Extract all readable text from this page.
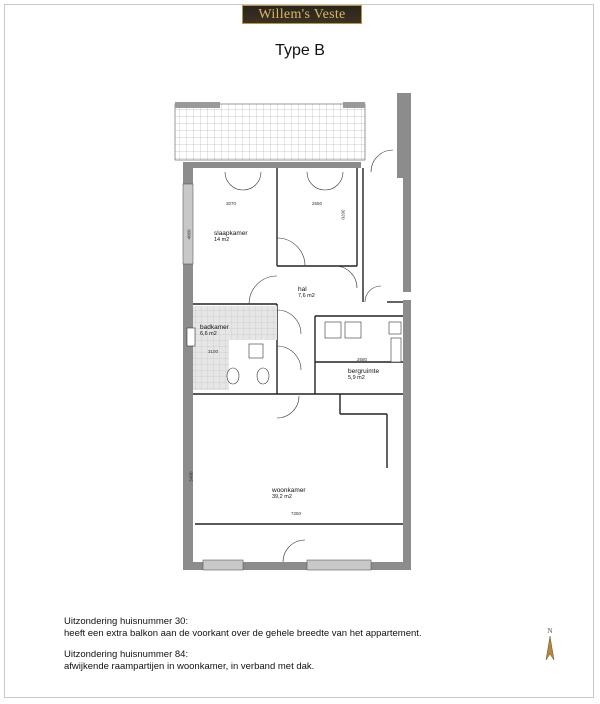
Willem's Veste
Type B
slaapkamer
14 m2
hal
7,6 m2
badkamer
6,6 m2
bergruimte
5,9 m2
woonkamer
39,2 m2
3070	2650
4060
3070
3100
2680
5400
7250

Uitzondering huisnummer 30:

heeft een extra balkon aan de voorkant over de gehele breedte van het appartement.

Uitzondering huisnummer 84:

afwijkende raampartijen in woonkamer, in verband met dak.

N
